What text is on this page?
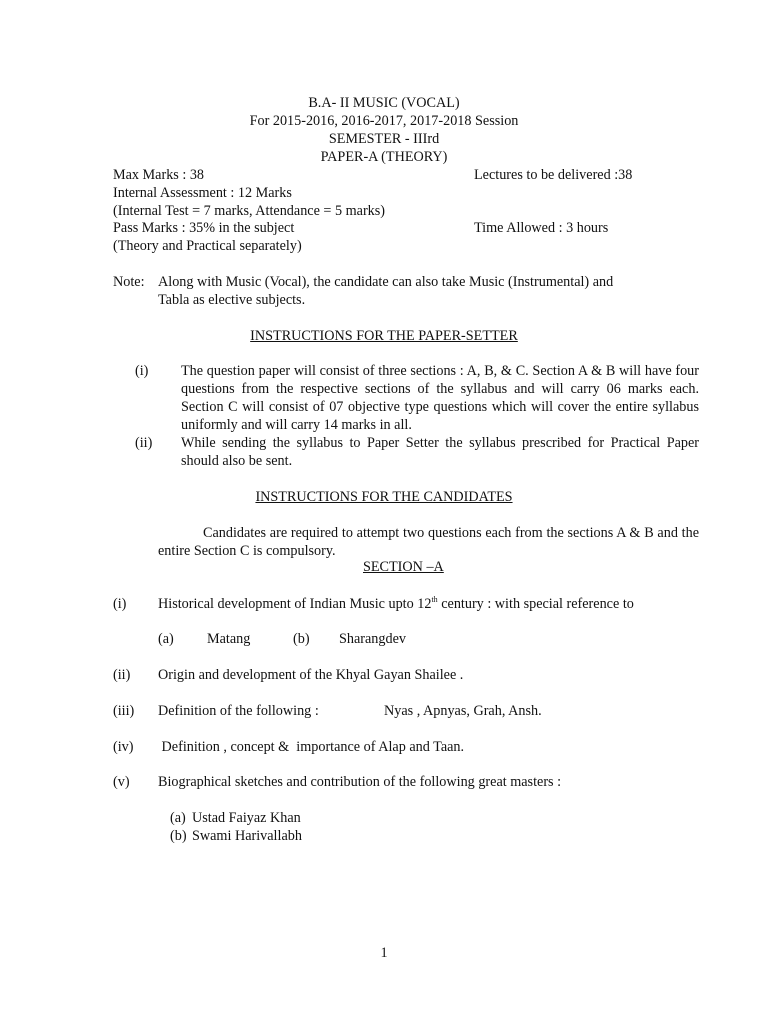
B.A- II MUSIC (VOCAL)
For 2015-2016, 2016-2017, 2017-2018 Session
SEMESTER - IIIrd
PAPER-A (THEORY)
Max Marks : 38	Lectures to be delivered :38
Internal Assessment : 12 Marks
(Internal Test = 7 marks, Attendance = 5 marks)
Pass Marks : 35% in the subject	Time Allowed : 3 hours
(Theory and Practical separately)
Note: Along with Music (Vocal), the candidate can also take Music (Instrumental) and
Tabla as elective subjects.
INSTRUCTIONS FOR THE PAPER-SETTER
(i) The question paper will consist of three sections : A, B, & C. Section A & B will have four questions from the respective sections of the syllabus and will carry 06 marks each. Section C will consist of 07 objective type questions which will cover the entire syllabus uniformly and will carry 14 marks in all.
(ii) While sending the syllabus to Paper Setter the syllabus prescribed for Practical Paper should also be sent.
INSTRUCTIONS FOR THE CANDIDATES
Candidates are required to attempt two questions each from the sections A & B and the entire Section C is compulsory.
SECTION –A
(i) Historical development of Indian Music upto 12th century : with special reference to
(a) Matang	(b) Sharangdev
(ii) Origin and development of the Khyal Gayan Shailee .
(iii) Definition of the following :	Nyas , Apnyas, Grah, Ansh.
(iv) Definition , concept &  importance of Alap and Taan.
(v) Biographical sketches and contribution of the following great masters :
(a) Ustad Faiyaz Khan
(b) Swami Harivallabh
1
